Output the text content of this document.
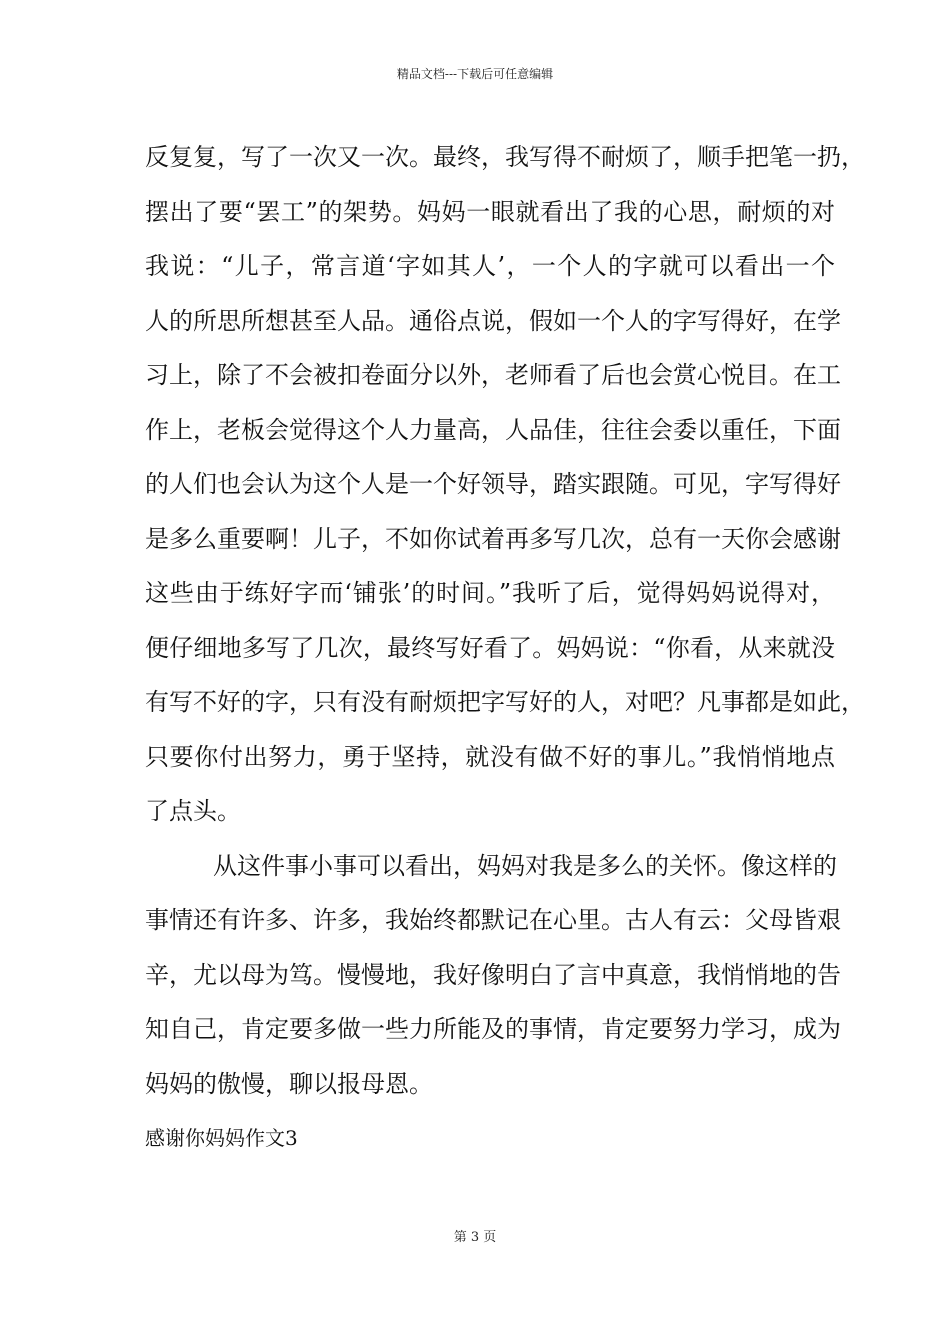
精品文档---下载后可任意编辑

反复复，写了一次又一次。最终，我写得不耐烦了，顺手把笔一扔，
摆出了要“罢工”的架势。妈妈一眼就看出了我的心思，耐烦的对
我说：“儿子，常言道‘字如其人’，一个人的字就可以看出一个
人的所思所想甚至人品。通俗点说，假如一个人的字写得好，在学
习上，除了不会被扣卷面分以外，老师看了后也会赏心悦目。在工
作上，老板会觉得这个人力量高，人品佳，往往会委以重任，下面
的人们也会认为这个人是一个好领导，踏实跟随。可见，字写得好
是多么重要啊！儿子，不如你试着再多写几次，总有一天你会感谢
这些由于练好字而‘铺张’的时间。”我听了后，觉得妈妈说得对，
便仔细地多写了几次，最终写好看了。妈妈说：“你看，从来就没
有写不好的字，只有没有耐烦把字写好的人，对吧？凡事都是如此，
只要你付出努力，勇于坚持，就没有做不好的事儿。”我悄悄地点
了点头。

从这件事小事可以看出，妈妈对我是多么的关怀。像这样的
事情还有许多、许多，我始终都默记在心里。古人有云：父母皆艰
辛，尤以母为笃。慢慢地，我好像明白了言中真意，我悄悄地的告
知自己，肯定要多做一些力所能及的事情，肯定要努力学习，成为
妈妈的傲慢，聊以报母恩。

感谢你妈妈作文3

第 3 页
